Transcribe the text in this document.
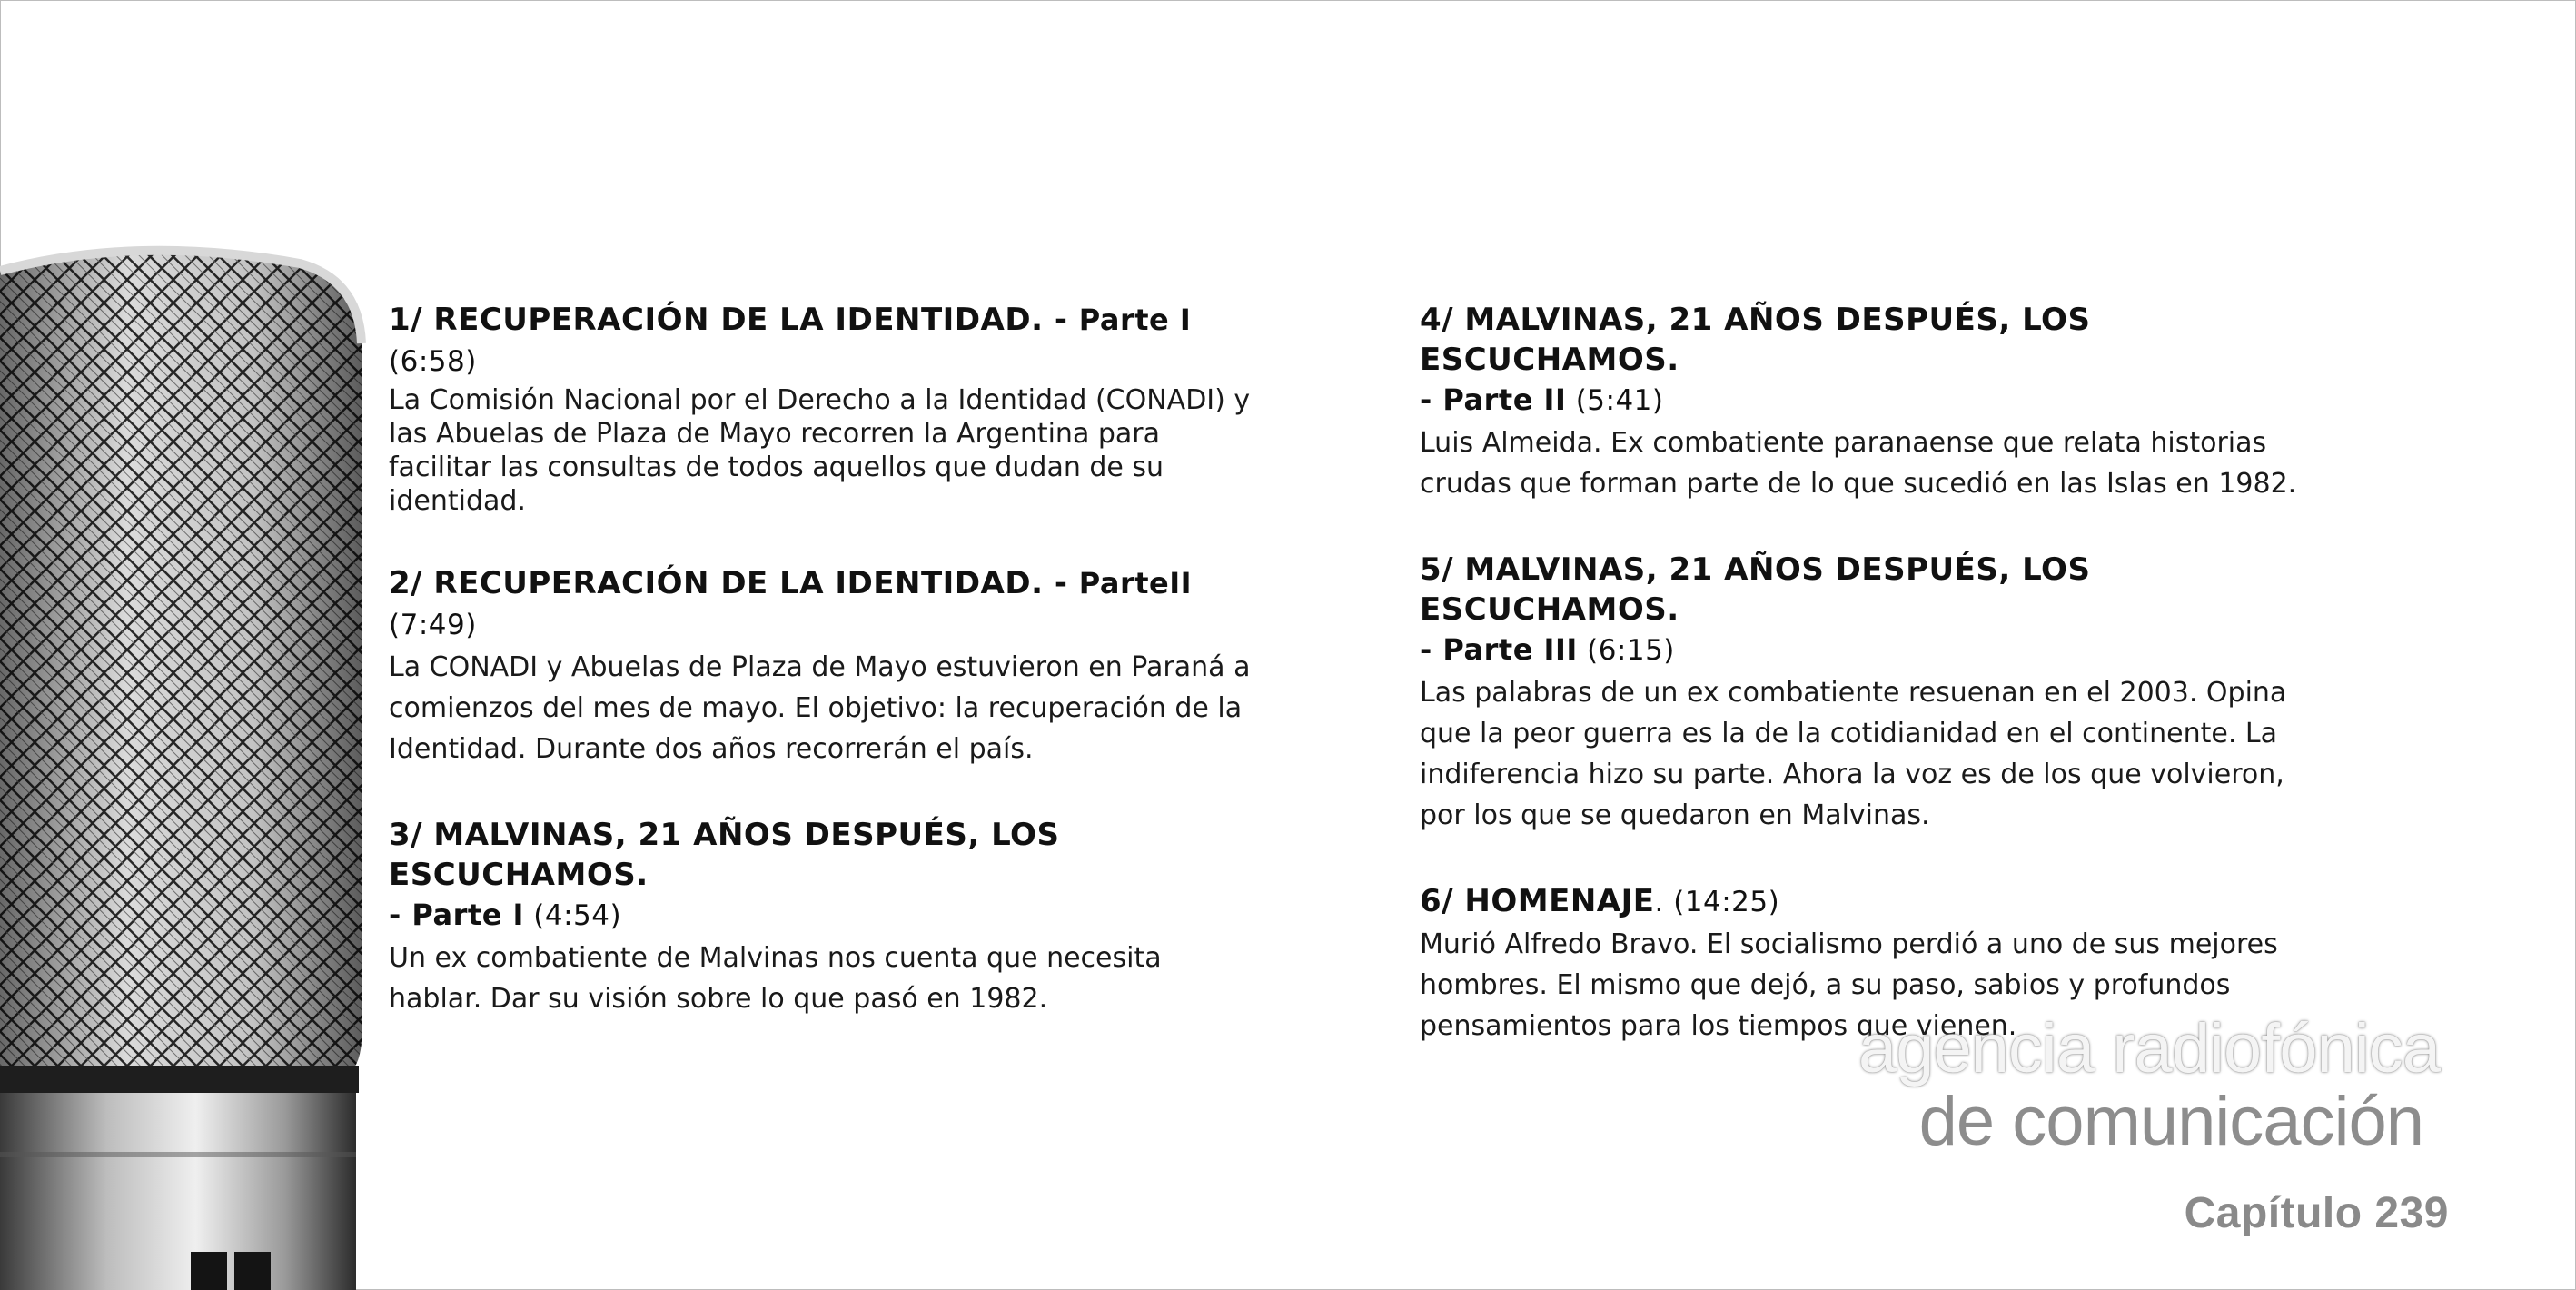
1/ RECUPERACIÓN DE LA IDENTIDAD. - Parte I (6:58)
La Comisión Nacional por el Derecho a la Identidad (CONADI) y las Abuelas de Plaza de Mayo recorren la Argentina para facilitar las consultas de todos aquellos que dudan de su identidad.
2/ RECUPERACIÓN DE LA IDENTIDAD. - ParteII (7:49)
La CONADI y Abuelas de Plaza de Mayo estuvieron en Paraná a comienzos del mes de mayo. El objetivo: la recuperación de la Identidad. Durante dos años recorrerán el país.
3/ MALVINAS, 21 AÑOS DESPUÉS, LOS ESCUCHAMOS.
- Parte I (4:54)
Un ex combatiente de Malvinas nos cuenta que necesita hablar. Dar su visión sobre lo que pasó en 1982.
4/ MALVINAS, 21 AÑOS DESPUÉS, LOS ESCUCHAMOS.
- Parte II (5:41)
Luis Almeida. Ex combatiente paranaense que relata historias crudas que forman parte de lo que sucedió en las Islas en 1982.
5/ MALVINAS, 21 AÑOS DESPUÉS, LOS ESCUCHAMOS.
- Parte III (6:15)
Las palabras de un ex combatiente resuenan en el 2003. Opina que la peor guerra es la de la cotidianidad en el continente. La indiferencia hizo su parte. Ahora la voz es de los que volvieron, por los que se quedaron en Malvinas.
6/ HOMENAJE. (14:25)
Murió Alfredo Bravo. El socialismo perdió a uno de sus mejores hombres. El mismo que dejó, a su paso, sabios y profundos pensamientos para los tiempos que vienen.
agencia radiofónica
de comunicación
Capítulo 239
